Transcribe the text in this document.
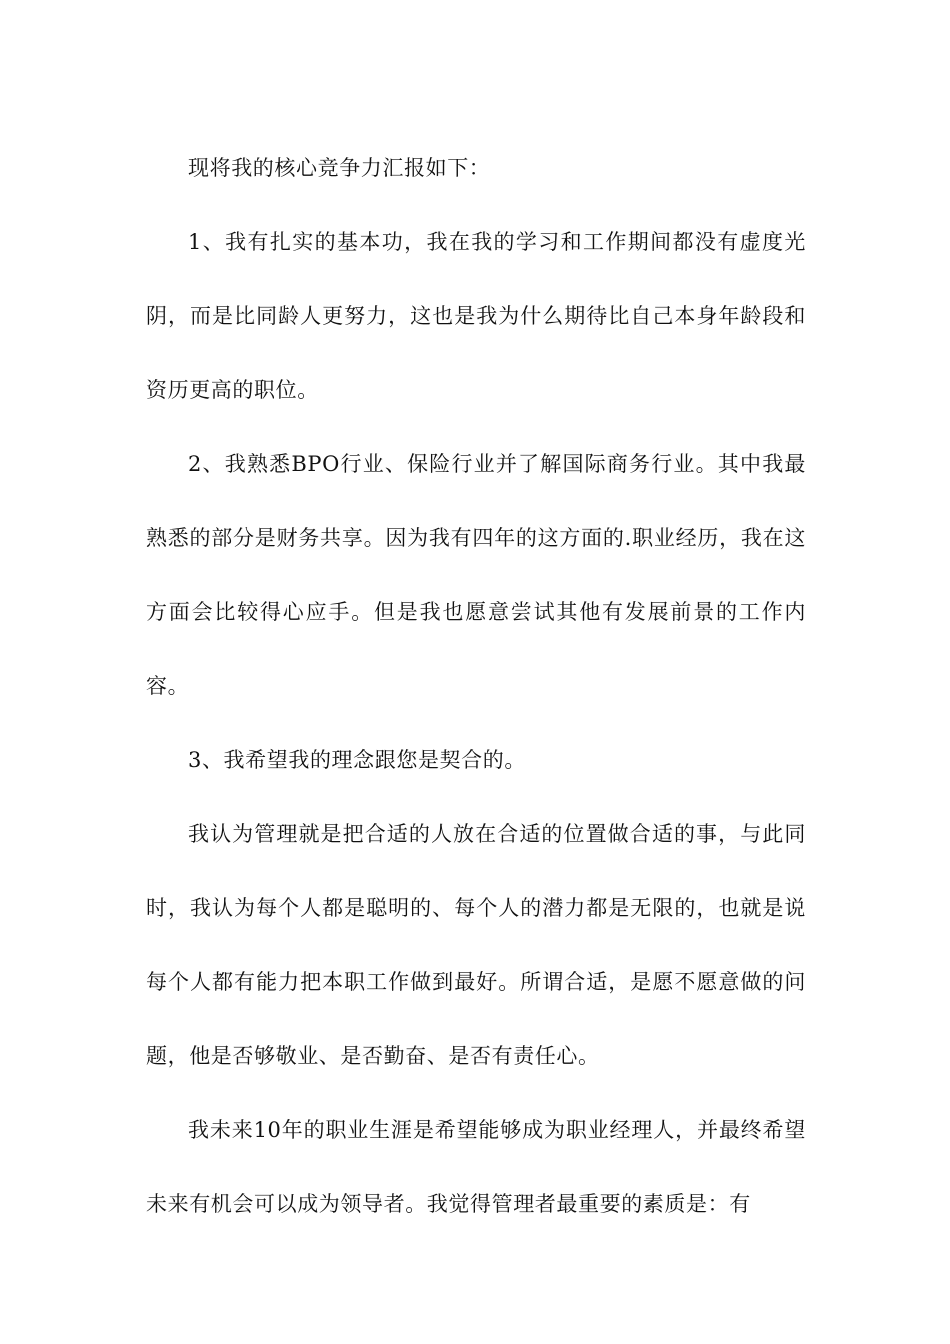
现将我的核心竞争力汇报如下：

1、我有扎实的基本功，我在我的学习和工作期间都没有虚度光阴，而是比同龄人更努力，这也是我为什么期待比自己本身年龄段和资历更高的职位。

2、我熟悉BPO行业、保险行业并了解国际商务行业。其中我最熟悉的部分是财务共享。因为我有四年的这方面的.职业经历，我在这方面会比较得心应手。但是我也愿意尝试其他有发展前景的工作内容。

3、我希望我的理念跟您是契合的。

我认为管理就是把合适的人放在合适的位置做合适的事，与此同时，我认为每个人都是聪明的、每个人的潜力都是无限的，也就是说每个人都有能力把本职工作做到最好。所谓合适，是愿不愿意做的问题，他是否够敬业、是否勤奋、是否有责任心。

我未来10年的职业生涯是希望能够成为职业经理人，并最终希望未来有机会可以成为领导者。我觉得管理者最重要的素质是：有
